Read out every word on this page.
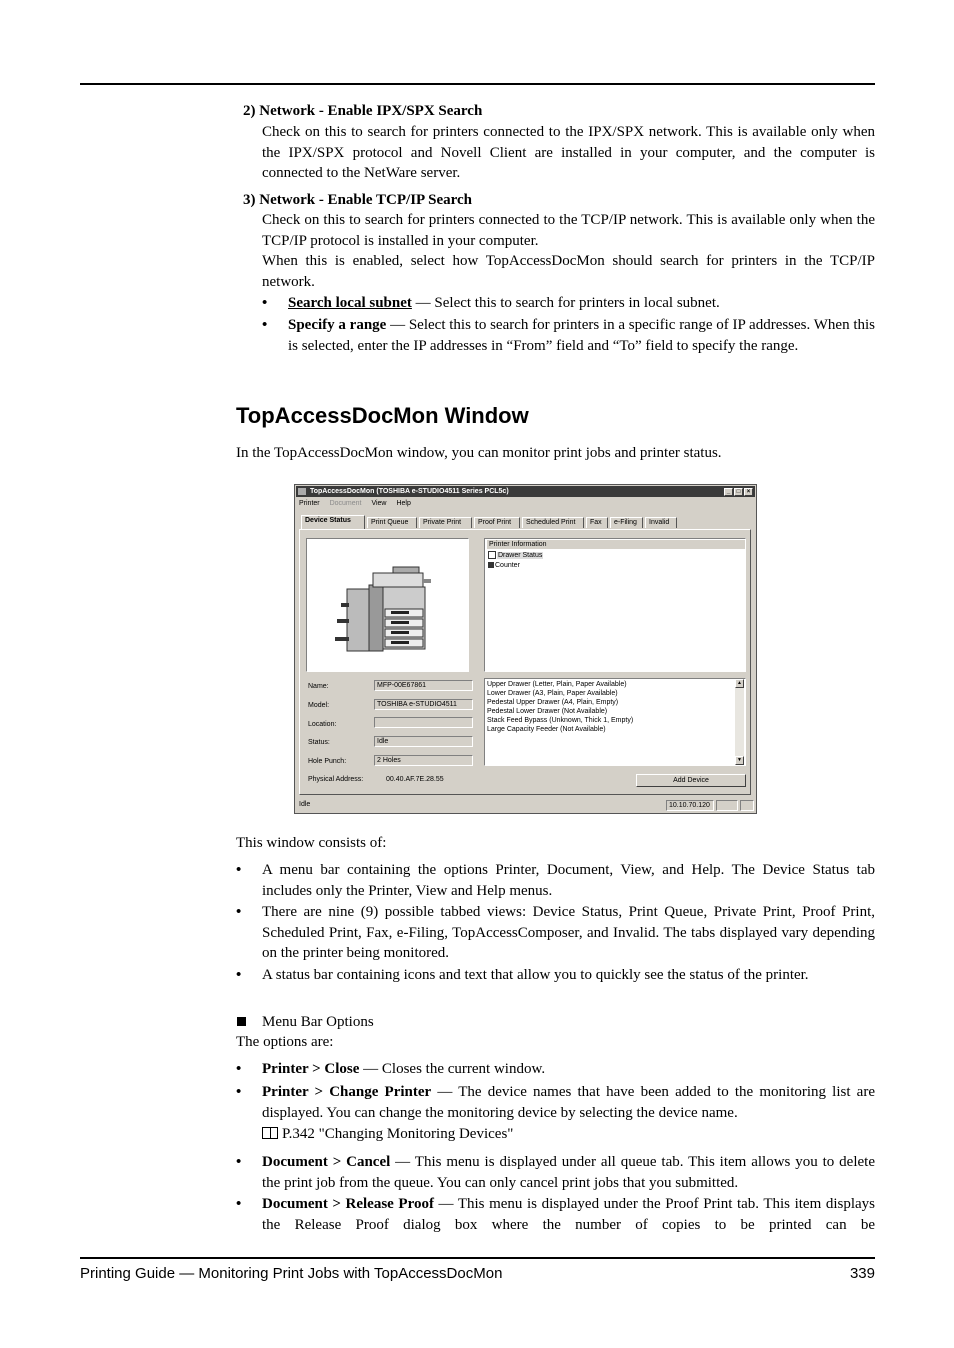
2) Network - Enable IPX/SPX Search
Check on this to search for printers connected to the IPX/SPX network. This is available only when the IPX/SPX protocol and Novell Client are installed in your computer, and the computer is connected to the NetWare server.
3) Network - Enable TCP/IP Search
Check on this to search for printers connected to the TCP/IP network. This is available only when the TCP/IP protocol is installed in your computer.
When this is enabled, select how TopAccessDocMon should search for printers in the TCP/IP network.
• Search local subnet — Select this to search for printers in local subnet.
• Specify a range — Select this to search for printers in a specific range of IP addresses. When this is selected, enter the IP addresses in “From” field and “To” field to specify the range.
TopAccessDocMon Window
In the TopAccessDocMon window, you can monitor print jobs and printer status.
TopAccessDocMon (TOSHIBA e-STUDIO4511 Series PCL5c)	_	□	×
Printer Document View Help
Device Status	Print Queue	Private Print	Proof Print	Scheduled Print	Fax	e-Filing	Invalid
Printer Information
Drawer Status
Counter
Name:	MFP-00E67861
Model:	TOSHIBA e-STUDIO4511
Location:
Status:	Idle
Hole Punch:	2 Holes
Physical Address:	00.40.AF.7E.28.55
Upper Drawer (Letter, Plain, Paper Available)
Lower Drawer (A3, Plain, Paper Available)
Pedestal Upper Drawer (A4, Plain, Empty)
Pedestal Lower Drawer (Not Available)
Stack Feed Bypass (Unknown, Thick 1, Empty)
Large Capacity Feeder (Not Available)
▲
▼
Add Device
Idle	10.10.70.120
This window consists of:
• A menu bar containing the options Printer, Document, View, and Help. The Device Status tab includes only the Printer, View and Help menus.
• There are nine (9) possible tabbed views: Device Status, Print Queue, Private Print, Proof Print, Scheduled Print, Fax, e-Filing, TopAccessComposer, and Invalid. The tabs displayed vary depending on the printer being monitored.
• A status bar containing icons and text that allow you to quickly see the status of the printer.
Menu Bar Options
The options are:
• Printer > Close — Closes the current window.
• Printer > Change Printer — The device names that have been added to the monitoring list are displayed. You can change the monitoring device by selecting the device name.
P.342 "Changing Monitoring Devices"
• Document > Cancel — This menu is displayed under all queue tab. This item allows you to delete the print job from the queue. You can only cancel print jobs that you submitted.
• Document > Release Proof — This menu is displayed under the Proof Print tab. This item displays the Release Proof dialog box where the number of copies to be printed can be
Printing Guide — Monitoring Print Jobs with TopAccessDocMon	339
